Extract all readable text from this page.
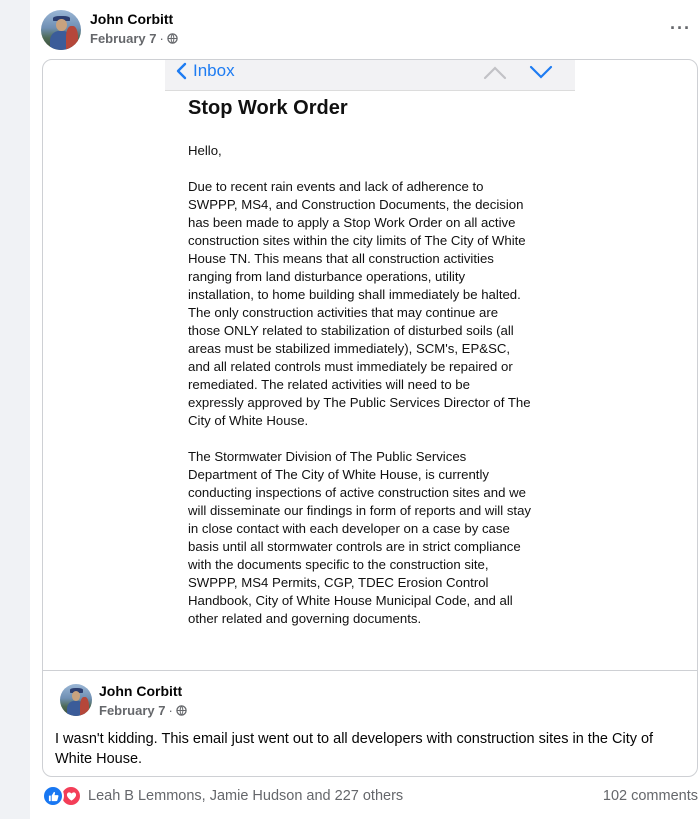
John Corbitt
February 7 ·
···
Inbox
Stop Work Order

Hello,

Due to recent rain events and lack of adherence to
SWPPP, MS4, and Construction Documents, the decision
has been made to apply a Stop Work Order on all active
construction sites within the city limits of The City of White
House TN. This means that all construction activities
ranging from land disturbance operations, utility
installation, to home building shall immediately be halted.
The only construction activities that may continue are
those ONLY related to stabilization of disturbed soils (all
areas must be stabilized immediately), SCM's, EP&SC,
and all related controls must immediately be repaired or
remediated. The related activities will need to be
expressly approved by The Public Services Director of The
City of White House.

The Stormwater Division of The Public Services
Department of The City of White House, is currently
conducting inspections of active construction sites and we
will disseminate our findings in form of reports and will stay
in close contact with each developer on a case by case
basis until all stormwater controls are in strict compliance
with the documents specific to the construction site,
SWPPP, MS4 Permits, CGP, TDEC Erosion Control
Handbook, City of White House Municipal Code, and all
other related and governing documents.

John Corbitt
February 7 ·
I wasn't kidding. This email just went out to all developers with construction sites in the City of White House.
Leah B Lemmons, Jamie Hudson and 227 others	102 comments
